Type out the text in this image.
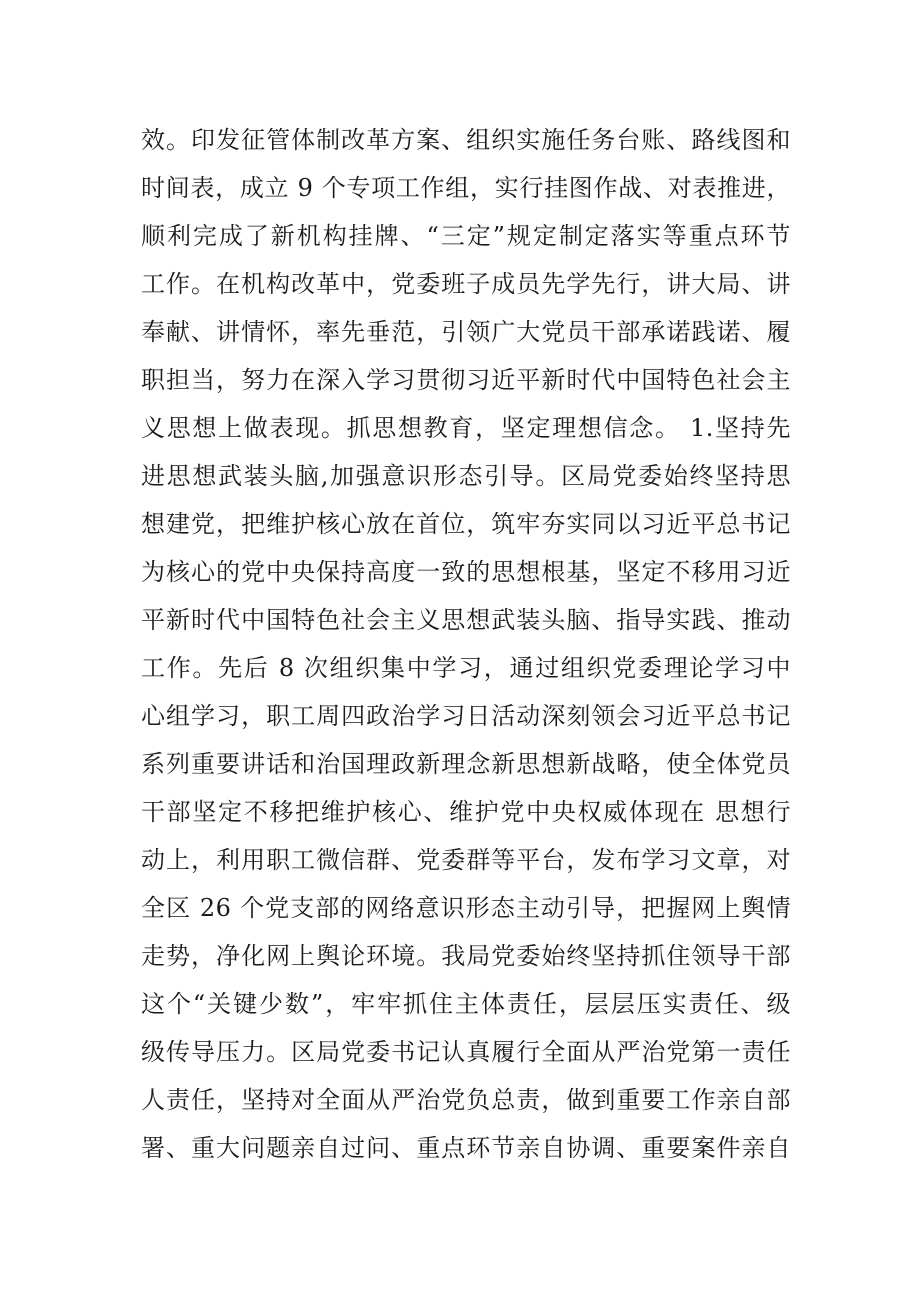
效。印发征管体制改革方案、组织实施任务台账、路线图和
时间表，成立 9 个专项工作组，实行挂图作战、对表推进，
顺利完成了新机构挂牌、“三定”规定制定落实等重点环节
工作。在机构改革中，党委班子成员先学先行，讲大局、讲
奉献、讲情怀，率先垂范，引领广大党员干部承诺践诺、履
职担当，努力在深入学习贯彻习近平新时代中国特色社会主
义思想上做表现。抓思想教育，坚定理想信念。 1.坚持先
进思想武装头脑,加强意识形态引导。区局党委始终坚持思
想建党，把维护核心放在首位，筑牢夯实同以习近平总书记
为核心的党中央保持高度一致的思想根基，坚定不移用习近
平新时代中国特色社会主义思想武装头脑、指导实践、推动
工作。先后 8 次组织集中学习，通过组织党委理论学习中
心组学习，职工周四政治学习日活动深刻领会习近平总书记
系列重要讲话和治国理政新理念新思想新战略，使全体党员
干部坚定不移把维护核心、维护党中央权威体现在 思想行
动上，利用职工微信群、党委群等平台，发布学习文章，对
全区 26 个党支部的网络意识形态主动引导，把握网上舆情
走势，净化网上舆论环境。我局党委始终坚持抓住领导干部
这个“关键少数”，牢牢抓住主体责任，层层压实责任、级
级传导压力。区局党委书记认真履行全面从严治党第一责任
人责任，坚持对全面从严治党负总责，做到重要工作亲自部
署、重大问题亲自过问、重点环节亲自协调、重要案件亲自
